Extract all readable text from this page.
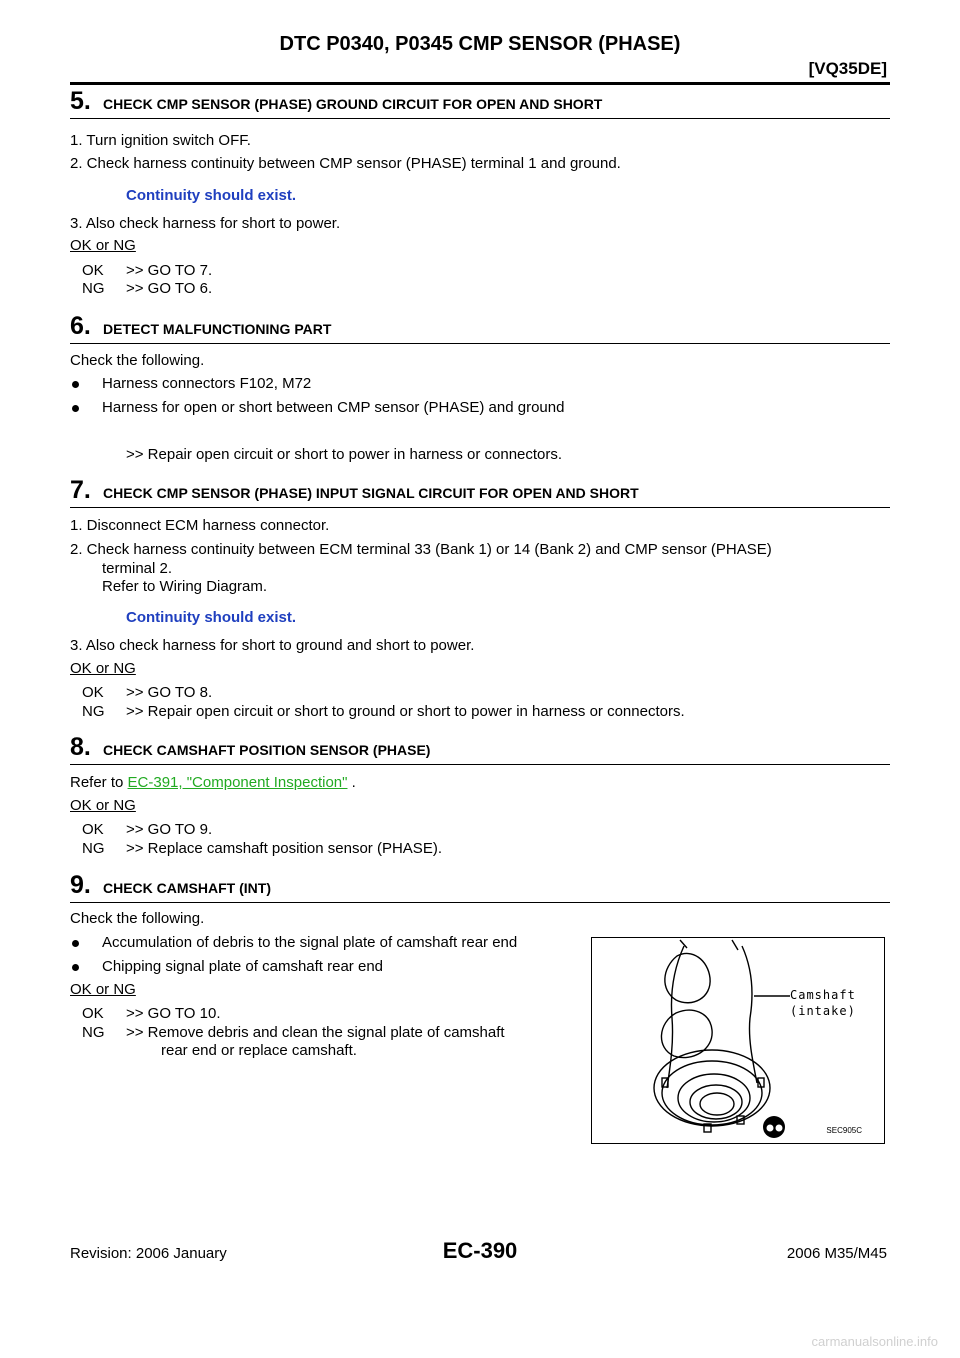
DTC P0340, P0345 CMP SENSOR (PHASE)
[VQ35DE]
5. CHECK CMP SENSOR (PHASE) GROUND CIRCUIT FOR OPEN AND SHORT
1. Turn ignition switch OFF.
2. Check harness continuity between CMP sensor (PHASE) terminal 1 and ground.
Continuity should exist.
3. Also check harness for short to power.
OK or NG
OK >> GO TO 7.
NG >> GO TO 6.
6. DETECT MALFUNCTIONING PART
Check the following.
Harness connectors F102, M72
Harness for open or short between CMP sensor (PHASE) and ground
>> Repair open circuit or short to power in harness or connectors.
7. CHECK CMP SENSOR (PHASE) INPUT SIGNAL CIRCUIT FOR OPEN AND SHORT
1. Disconnect ECM harness connector.
2. Check harness continuity between ECM terminal 33 (Bank 1) or 14 (Bank 2) and CMP sensor (PHASE)
terminal 2.
Refer to Wiring Diagram.
Continuity should exist.
3. Also check harness for short to ground and short to power.
OK or NG
OK >> GO TO 8.
NG >> Repair open circuit or short to ground or short to power in harness or connectors.
8. CHECK CAMSHAFT POSITION SENSOR (PHASE)
Refer to EC-391, "Component Inspection" .
OK or NG
OK >> GO TO 9.
NG >> Replace camshaft position sensor (PHASE).
9. CHECK CAMSHAFT (INT)
Check the following.
Accumulation of debris to the signal plate of camshaft rear end
Chipping signal plate of camshaft rear end
OK or NG
OK >> GO TO 10.
NG >> Remove debris and clean the signal plate of camshaft
rear end or replace camshaft.
Camshaft
(intake)
SEC905C
Revision: 2006 January	EC-390	2006 M35/M45
carmanualsonline.info
